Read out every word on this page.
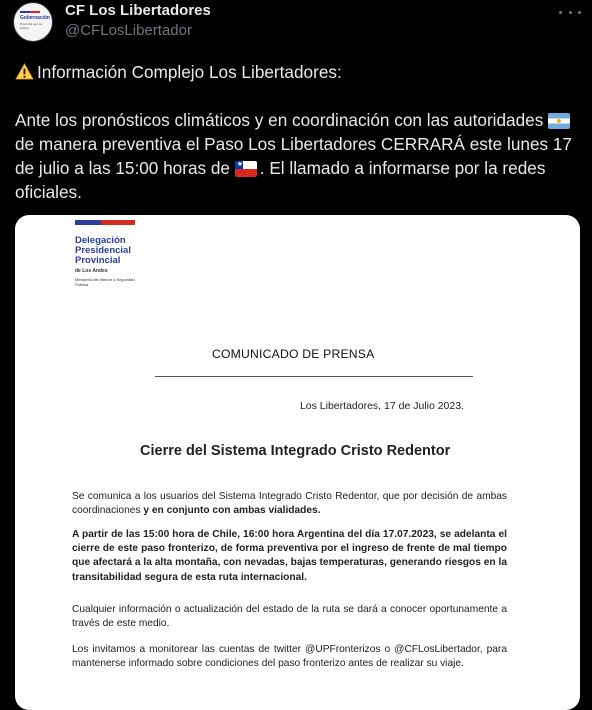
Gobernación
Provincia de Los Andes
CF Los Libertadores
@CFLosLibertador

Información Complejo Los Libertadores:

Ante los pronósticos climáticos y en coordinación con las autoridades
de manera preventiva el Paso Los Libertadores CERRARÁ este lunes 17 de julio a las 15:00 horas de ★ . El llamado a informarse por la redes oficiales.

Delegación
Presidencial
Provincial
de Los Andes
Ministerio del Interior y Seguridad Pública
COMUNICADO DE PRENSA
Los Libertadores, 17 de Julio 2023.
Cierre del Sistema Integrado Cristo Redentor
Se comunica a los usuarios del Sistema Integrado Cristo Redentor, que por decisión de ambas coordinaciones y en conjunto con ambas vialidades.
A partir de las 15:00 hora de Chile, 16:00 hora Argentina del día 17.07.2023, se adelanta el cierre de este paso fronterizo, de forma preventiva por el ingreso de frente de mal tiempo que afectará a la alta montaña, con nevadas, bajas temperaturas, generando riesgos en la transitabilidad segura de esta ruta internacional.
Cualquier información o actualización del estado de la ruta se dará a conocer oportunamente a través de este medio.
Los invitamos a monitorear las cuentas de twitter @UPFronterizos o @CFLosLibertador, para mantenerse informado sobre condiciones del paso fronterizo antes de realizar su viaje.
